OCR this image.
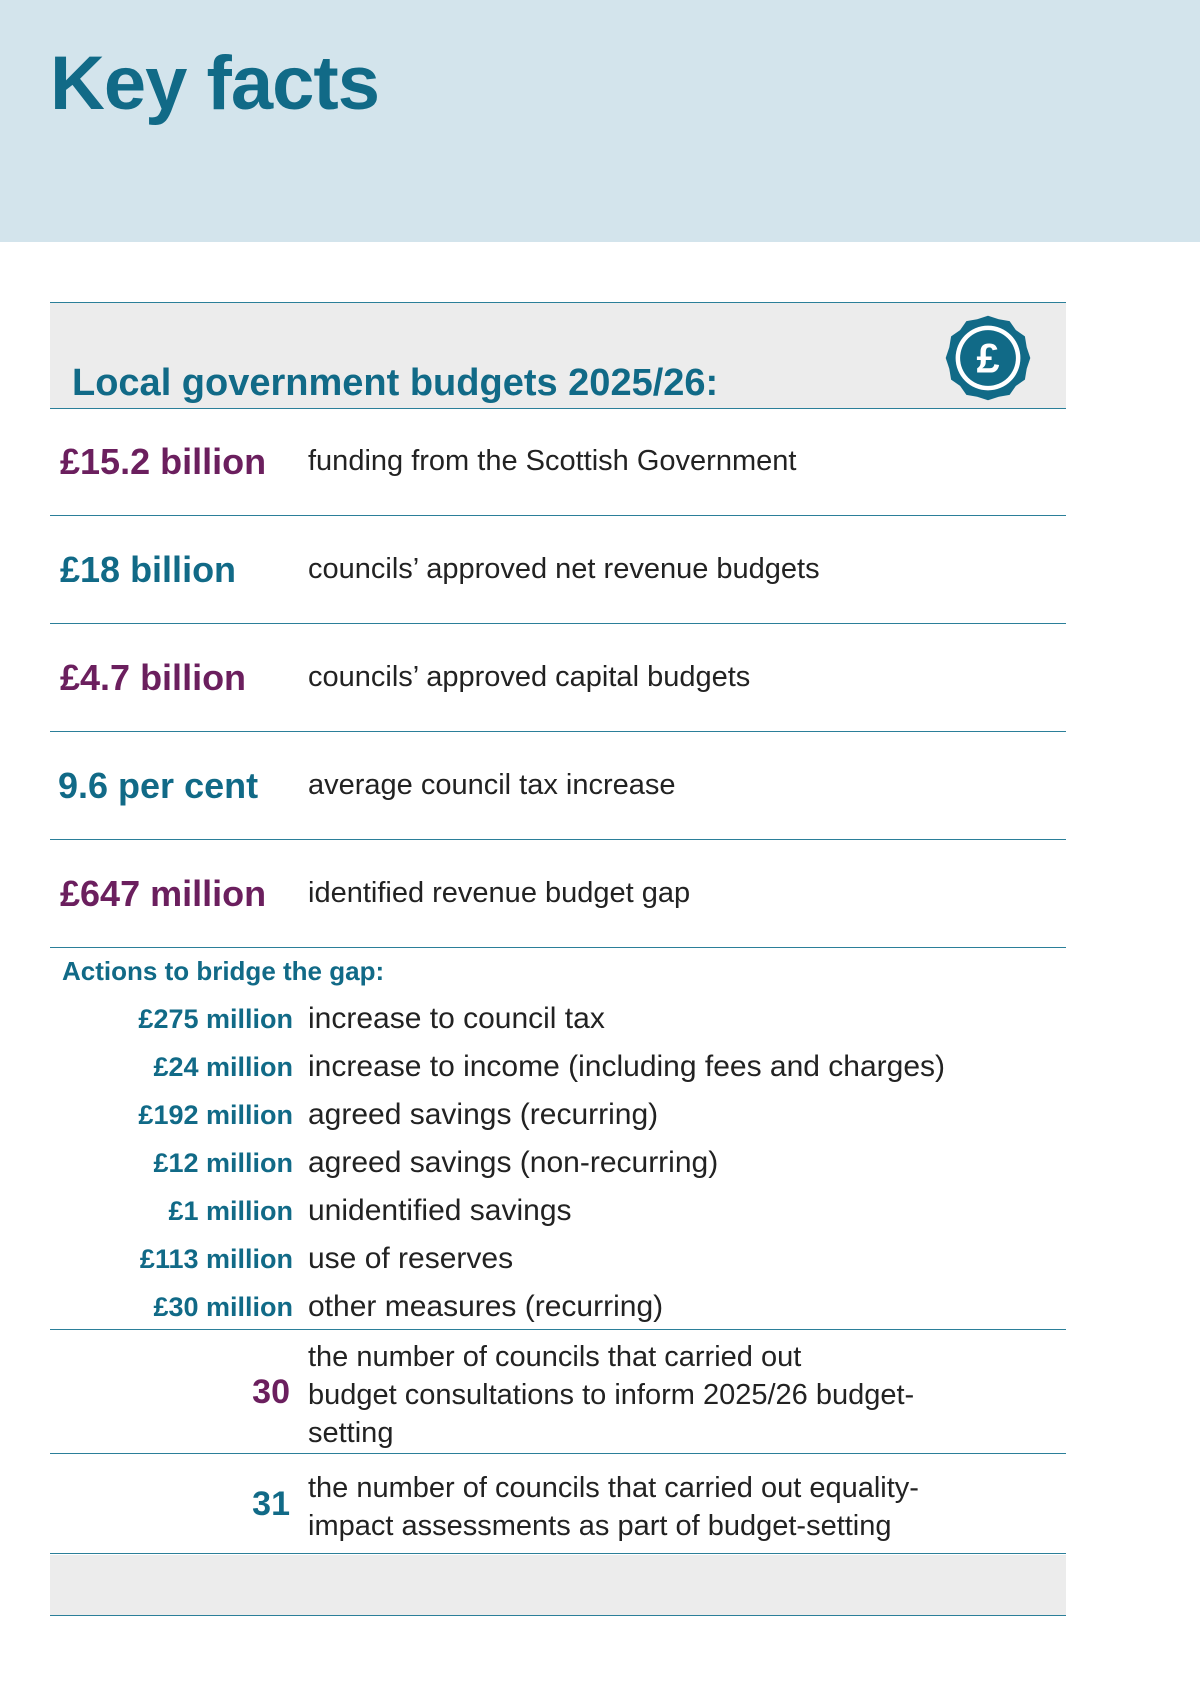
Key facts
Local government budgets 2025/26:
£
£15.2 billion funding from the Scottish Government
£18 billion councils’ approved net revenue budgets
£4.7 billion councils’ approved capital budgets
9.6 per cent average council tax increase
£647 million identified revenue budget gap
Actions to bridge the gap:
£275 million increase to council tax
£24 million increase to income (including fees and charges)
£192 million agreed savings (recurring)
£12 million agreed savings (non-recurring)
£1 million unidentified savings
£113 million use of reserves
£30 million other measures (recurring)
30
the number of councils that carried out
budget consultations to inform 2025/26 budget-
setting
31 the number of councils that carried out equality-
impact assessments as part of budget-setting
